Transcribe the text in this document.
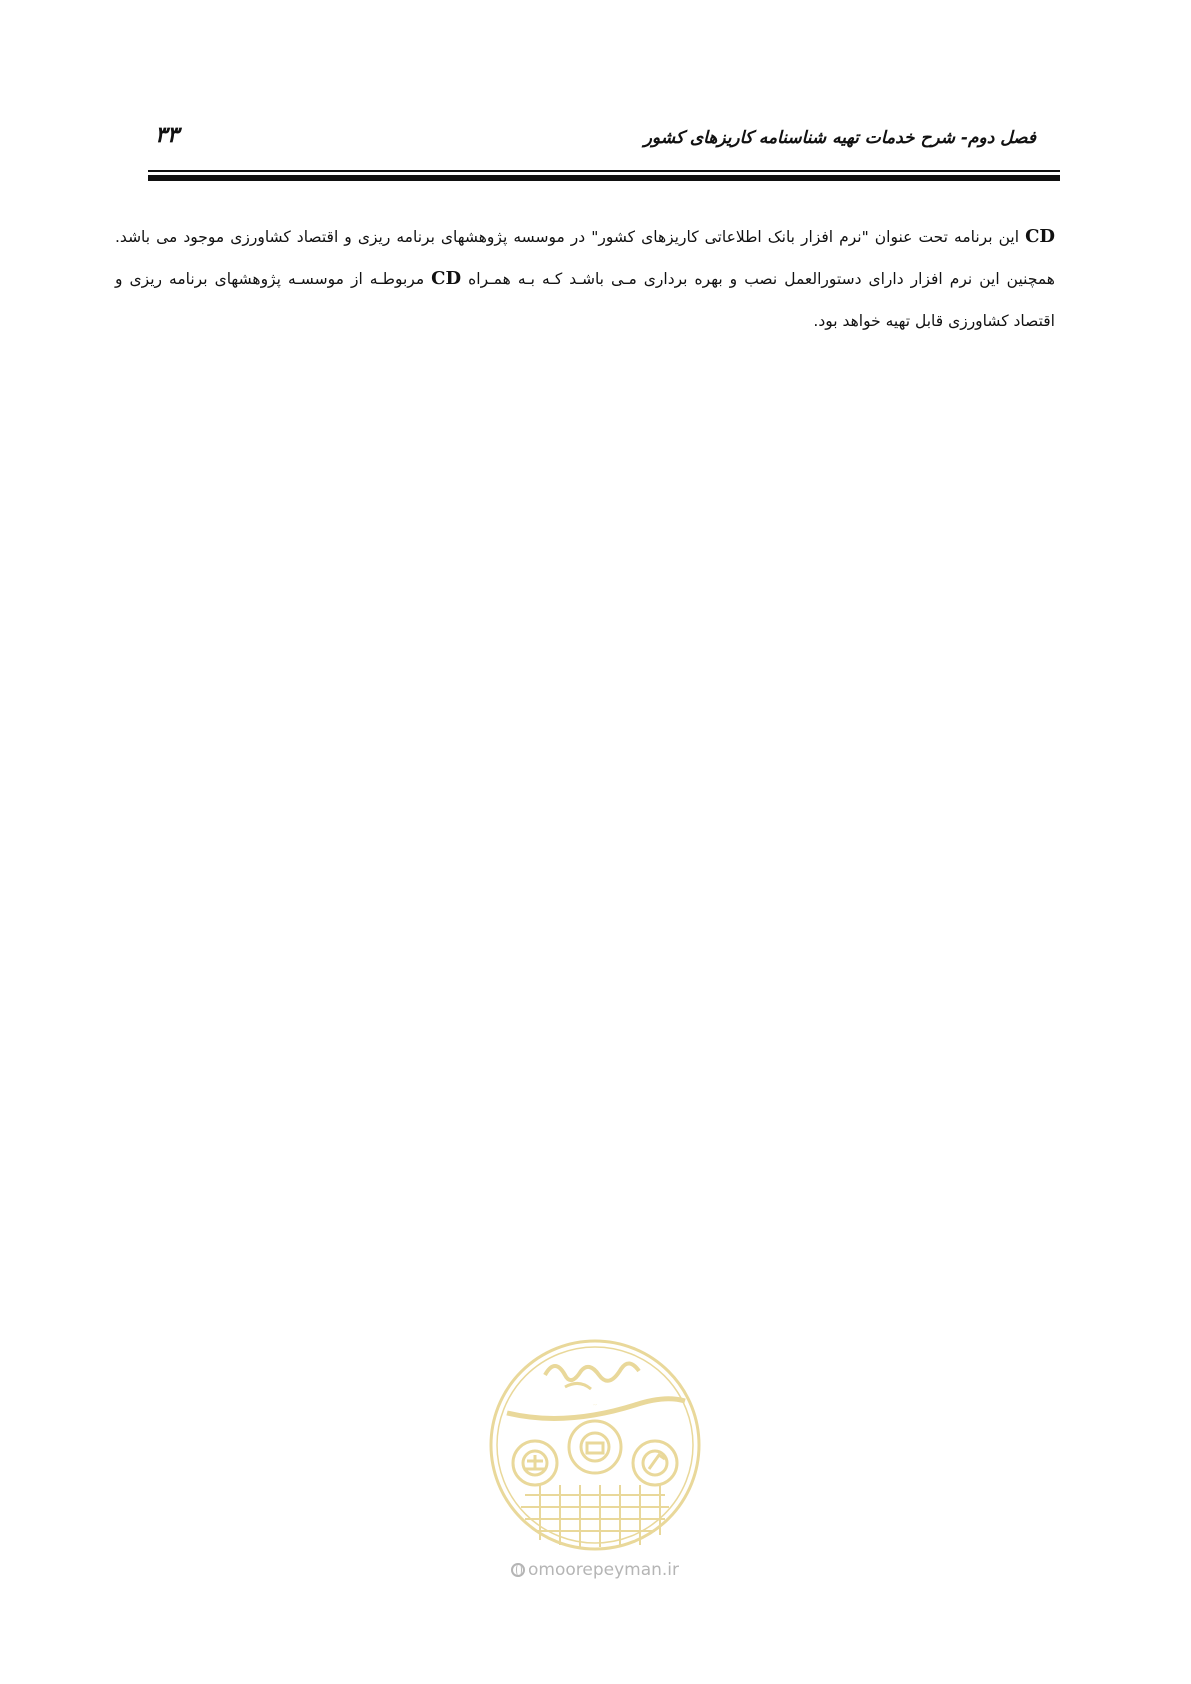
۳۳	فصل دوم- شرح خدمات تهیه شناسنامه کاریزهای کشور

CD این برنامه تحت عنوان "نرم افزار بانک اطلاعاتی کاریزهای کشور" در موسسه پژوهشهای برنامه ریزی و اقتصاد کشاورزی موجود می باشد. همچنین این نرم افزار دارای دستورالعمل نصب و بهره برداری مـی باشـد کـه بـه همـراه CD مربوطـه از موسسـه پژوهشهای برنامه ریزی و اقتصاد کشاورزی قابل تهیه خواهد بود.

امورپیمان
omoorepeyman.ir
